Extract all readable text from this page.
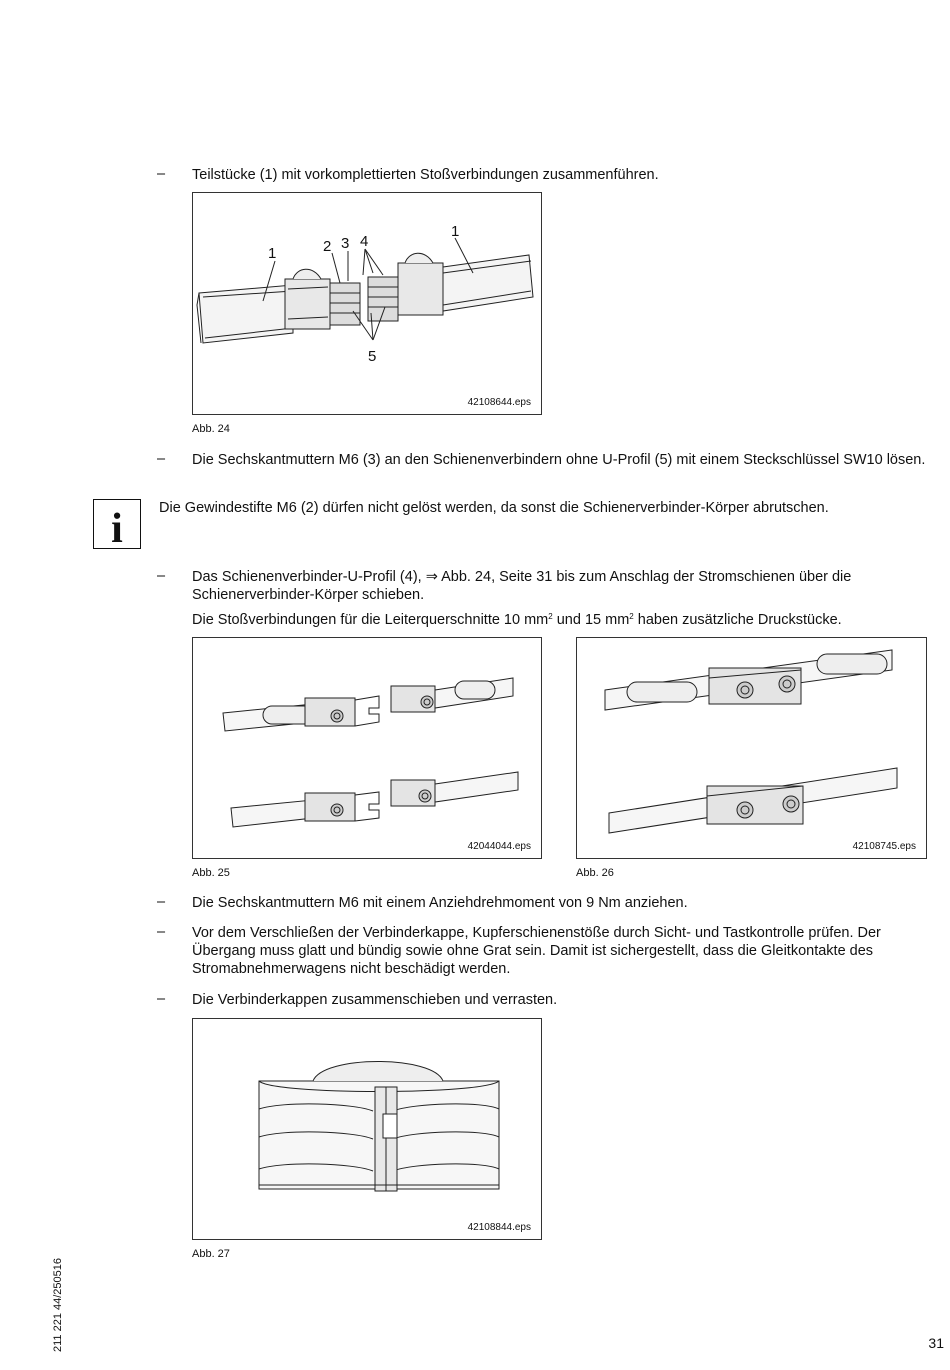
– Teilstücke (1) mit vorkomplettierten Stoßverbindungen zusammenführen.
1	2 3 4
1
5
42108644.eps
Abb. 24
– Die Sechskantmuttern M6 (3) an den Schienenverbindern ohne U-Profil (5) mit einem Steckschlüssel SW10 lösen.
i Die Gewindestifte M6 (2) dürfen nicht gelöst werden, da sonst die Schienerverbinder-Körper abrutschen.
– Das Schienenverbinder-U-Profil (4), ⇒ Abb. 24, Seite 31 bis zum Anschlag der Stromschienen über die Schienerverbinder-Körper schieben.
Die Stoßverbindungen für die Leiterquerschnitte 10 $mm^2$ und 15 $mm^2$ haben zusätzliche Druckstücke.
42044044.eps
Abb. 25
42108745.eps
Abb. 26
– Die Sechskantmuttern M6 mit einem Anziehdrehmoment von 9 Nm anziehen.
– Vor dem Verschließen der Verbinderkappe, Kupferschienenstöße durch Sicht- und Tastkontrolle prüfen. Der Übergang muss glatt und bündig sowie ohne Grat sein. Damit ist sichergestellt, dass die Gleitkontakte des Stromabnehmerwagens nicht beschädigt werden.
– Die Verbinderkappen zusammenschieben und verrasten.
42108844.eps
Abb. 27
211 221 44/250516	31
